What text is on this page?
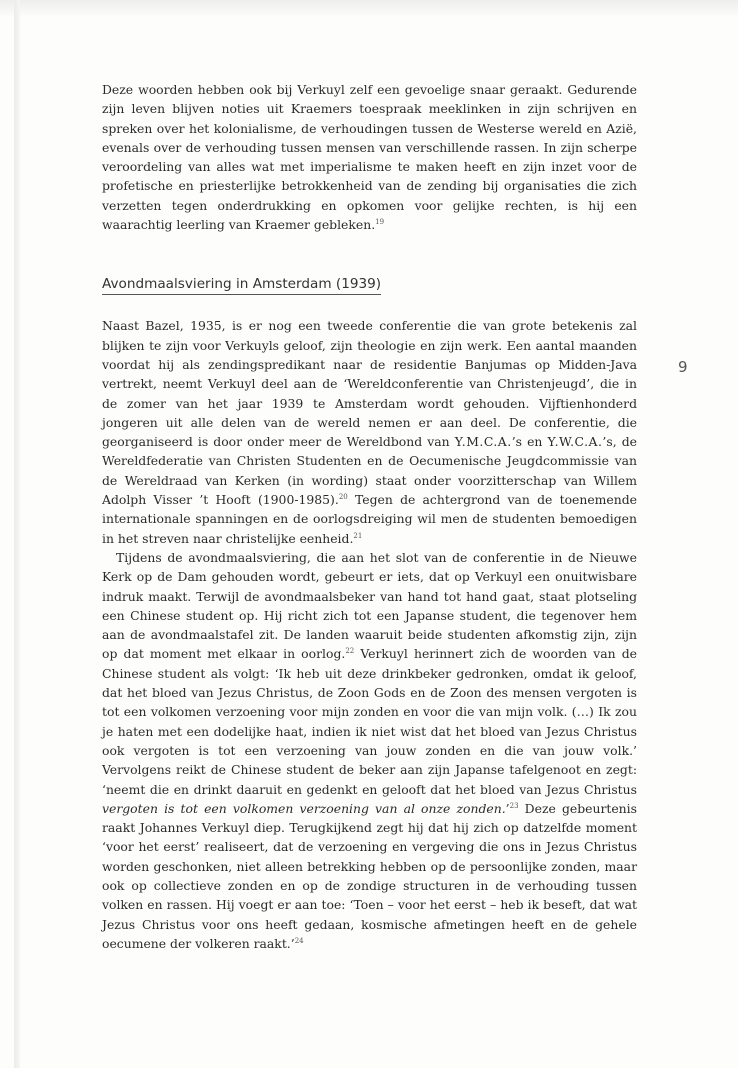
9

Deze woorden hebben ook bij Verkuyl zelf een gevoelige snaar geraakt. Gedurende zijn leven blijven noties uit Kraemers toespraak meeklinken in zijn schrijven en spreken over het kolonialisme, de verhoudingen tussen de Westerse wereld en Azië, evenals over de verhouding tussen mensen van verschillende rassen. In zijn scherpe veroordeling van alles wat met imperialisme te maken heeft en zijn inzet voor de profetische en priesterlijke betrokkenheid van de zending bij organisaties die zich verzetten tegen onderdrukking en opkomen voor gelijke rechten, is hij een waarachtig leerling van Kraemer gebleken.$^{19}$

Avondmaalsviering in Amsterdam (1939)

Naast Bazel, 1935, is er nog een tweede conferentie die van grote betekenis zal blijken te zijn voor Verkuyls geloof, zijn theologie en zijn werk. Een aantal maanden voordat hij als zendingspredikant naar de residentie Banjumas op Midden-Java vertrekt, neemt Verkuyl deel aan de ‘Wereldconferentie van Christenjeugd’, die in de zomer van het jaar 1939 te Amsterdam wordt gehouden. Vijftienhonderd jongeren uit alle delen van de wereld nemen er aan deel. De conferentie, die georganiseerd is door onder meer de Wereldbond van Y.M.C.A.’s en Y.W.C.A.’s, de Wereldfederatie van Christen Studenten en de Oecumenische Jeugdcommissie van de Wereldraad van Kerken (in wording) staat onder voorzitterschap van Willem Adolph Visser ’t Hooft (1900-1985).$^{20}$ Tegen de achtergrond van de toenemende internationale spanningen en de oorlogsdreiging wil men de studenten bemoedigen in het streven naar christelijke eenheid.$^{21}$

Tijdens de avondmaalsviering, die aan het slot van de conferentie in de Nieuwe Kerk op de Dam gehouden wordt, gebeurt er iets, dat op Verkuyl een onuitwisbare indruk maakt. Terwijl de avondmaalsbeker van hand tot hand gaat, staat plotseling een Chinese student op. Hij richt zich tot een Japanse student, die tegenover hem aan de avondmaalstafel zit. De landen waaruit beide studenten afkomstig zijn, zijn op dat moment met elkaar in oorlog.$^{22}$ Verkuyl herinnert zich de woorden van de Chinese student als volgt: ‘Ik heb uit deze drinkbeker gedronken, omdat ik geloof, dat het bloed van Jezus Christus, de Zoon Gods en de Zoon des mensen vergoten is tot een volkomen verzoening voor mijn zonden en voor die van mijn volk. (…) Ik zou je haten met een dodelijke haat, indien ik niet wist dat het bloed van Jezus Christus ook vergoten is tot een verzoening van jouw zonden en die van jouw volk.’ Vervolgens reikt de Chinese student de beker aan zijn Japanse tafelgenoot en zegt: ‘neemt die en drinkt daaruit en gedenkt en gelooft dat het bloed van Jezus Christus vergoten is tot een volkomen verzoening van al onze zonden.’$^{23}$ Deze gebeurtenis raakt Johannes Verkuyl diep. Terugkijkend zegt hij dat hij zich op datzelfde moment ‘voor het eerst’ realiseert, dat de verzoening en vergeving die ons in Jezus Christus worden geschonken, niet alleen betrekking hebben op de persoonlijke zonden, maar ook op collectieve zonden en op de zondige structuren in de verhouding tussen volken en rassen. Hij voegt er aan toe: ‘Toen – voor het eerst – heb ik beseft, dat wat Jezus Christus voor ons heeft gedaan, kosmische afmetingen heeft en de gehele oecumene der volkeren raakt.’$^{24}$
